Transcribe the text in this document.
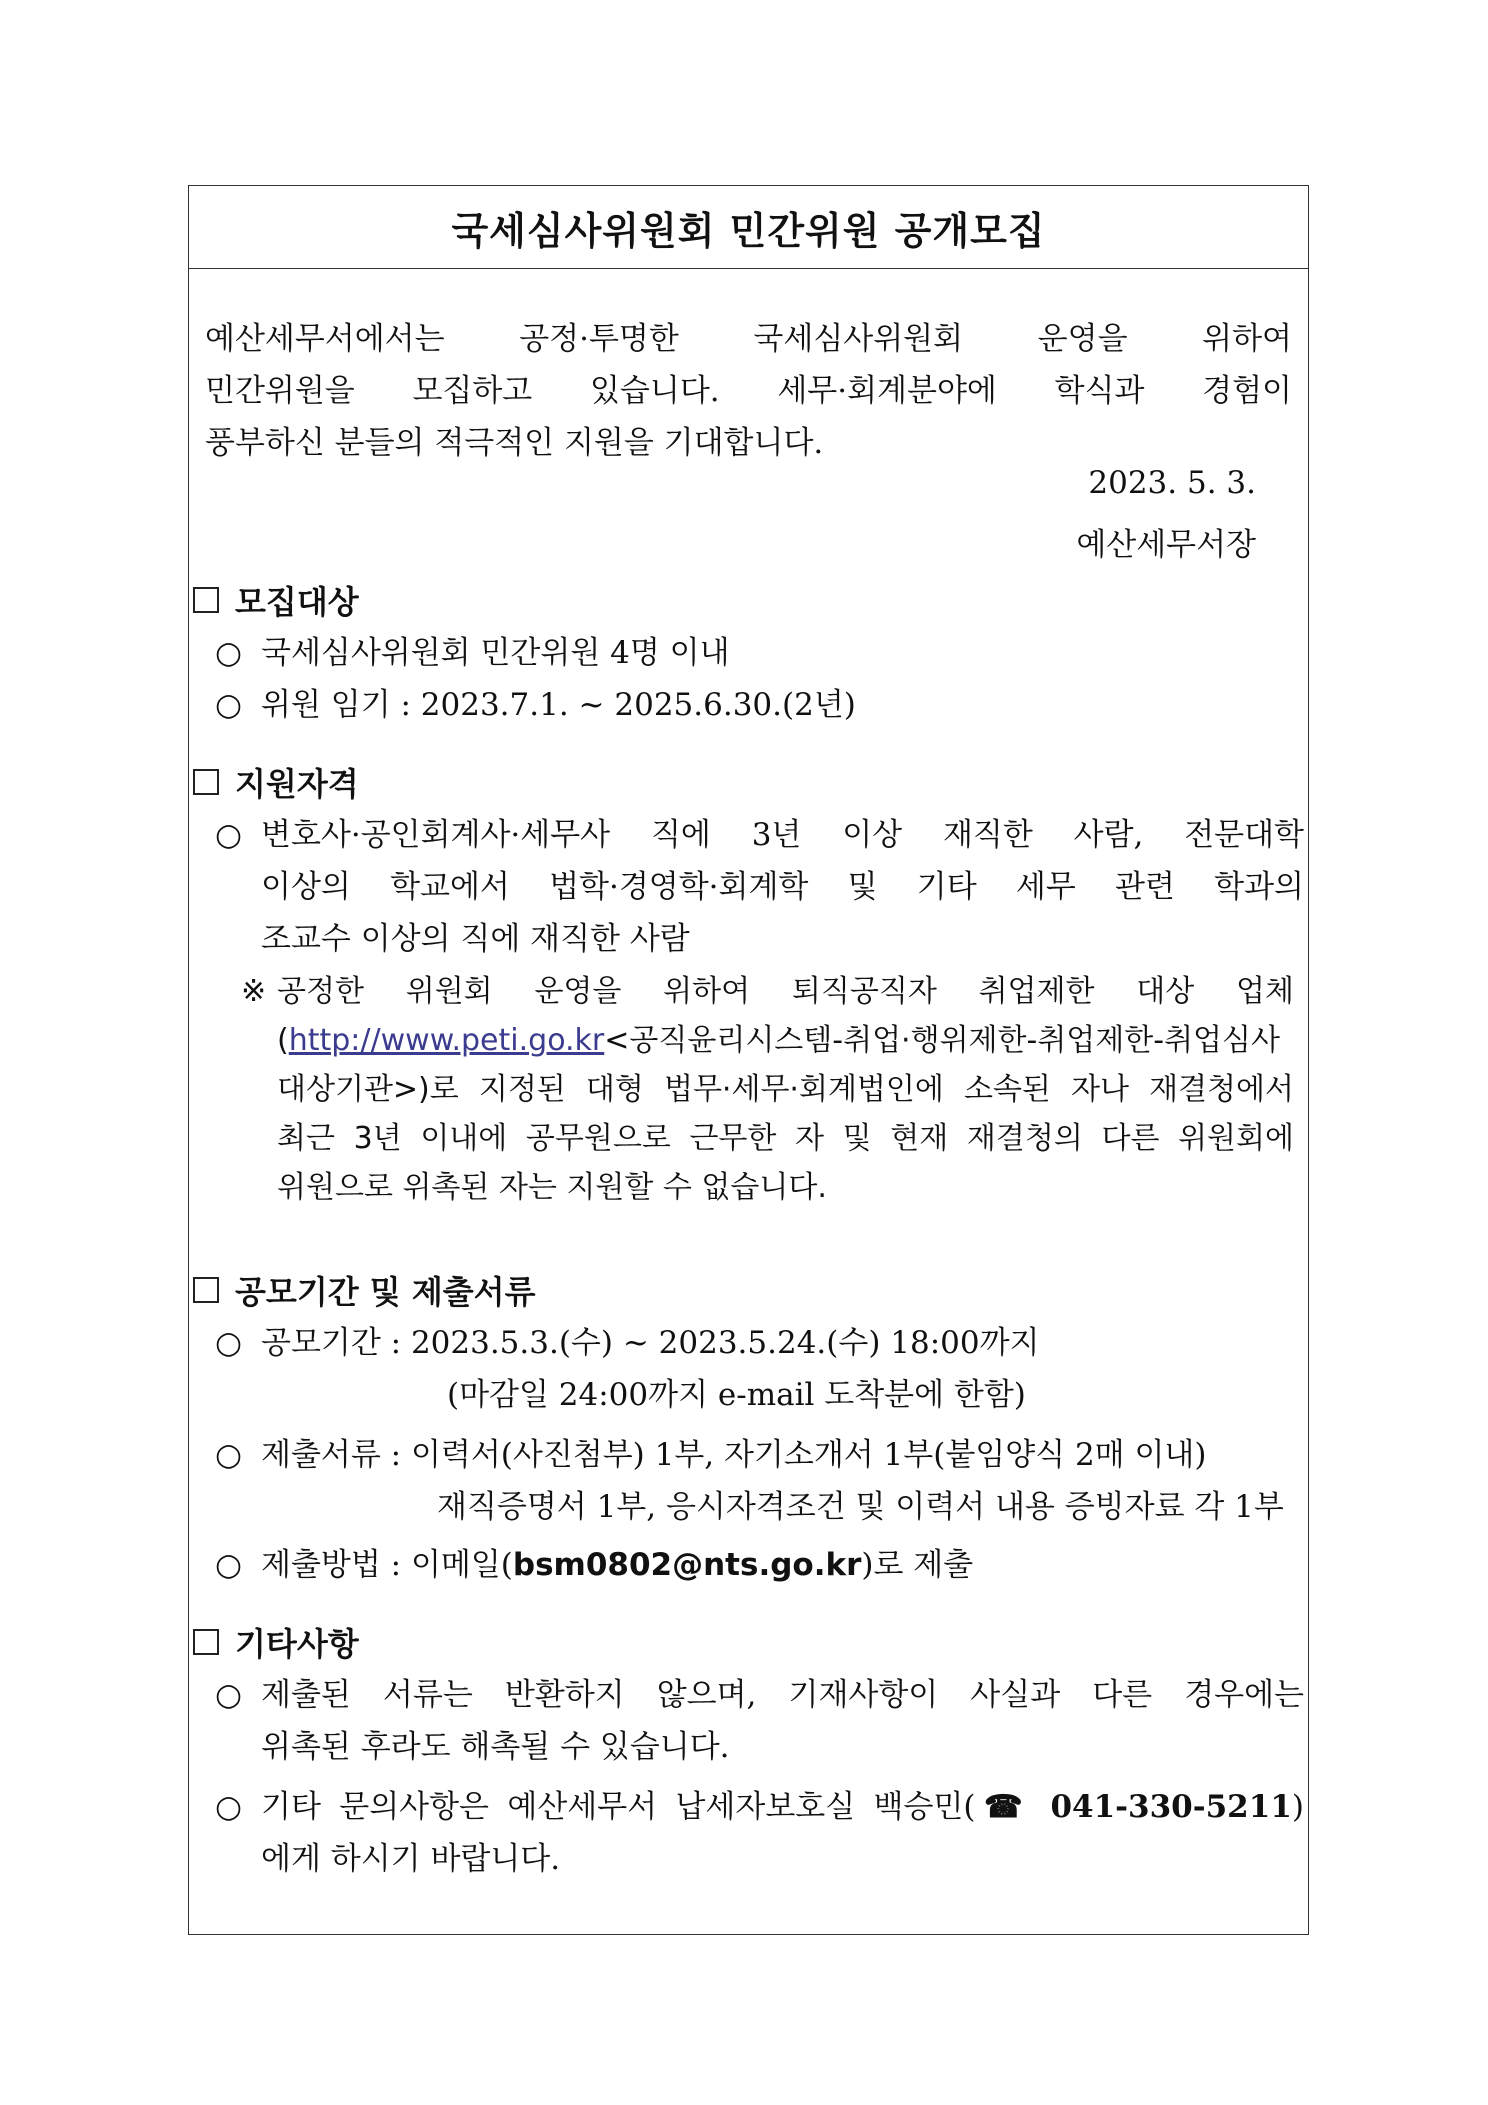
국세심사위원회 민간위원 공개모집
예산세무서에서는 공정·투명한 국세심사위원회 운영을 위하여
민간위원을 모집하고 있습니다. 세무·회계분야에 학식과 경험이
풍부하신 분들의 적극적인 지원을 기대합니다.
2023. 5. 3.
예산세무서장
모집대상
○ 국세심사위원회 민간위원 4명 이내
○ 위원 임기 : 2023.7.1. ~ 2025.6.30.(2년)
지원자격
○ 변호사·공인회계사·세무사 직에 3년 이상 재직한 사람, 전문대학
이상의 학교에서 법학·경영학·회계학 및 기타 세무 관련 학과의
조교수 이상의 직에 재직한 사람
※ 공정한 위원회 운영을 위하여 퇴직공직자 취업제한 대상 업체
(http://www.peti.go.kr<공직윤리시스템-취업·행위제한-취업제한-취업심사
대상기관>)로 지정된 대형 법무·세무·회계법인에 소속된 자나 재결청에서
최근 3년 이내에 공무원으로 근무한 자 및 현재 재결청의 다른 위원회에
위원으로 위촉된 자는 지원할 수 없습니다.
공모기간 및 제출서류
○ 공모기간 : 2023.5.3.(수) ~ 2023.5.24.(수) 18:00까지
(마감일 24:00까지 e-mail 도착분에 한함)
○ 제출서류 : 이력서(사진첨부) 1부, 자기소개서 1부(붙임양식 2매 이내)
재직증명서 1부, 응시자격조건 및 이력서 내용 증빙자료 각 1부
○ 제출방법 : 이메일(bsm0802@nts.go.kr)로 제출
기타사항
○ 제출된 서류는 반환하지 않으며, 기재사항이 사실과 다른 경우에는
위촉된 후라도 해촉될 수 있습니다.
○ 기타 문의사항은 예산세무서 납세자보호실 백승민(☎ 041-330-5211)
에게 하시기 바랍니다.
